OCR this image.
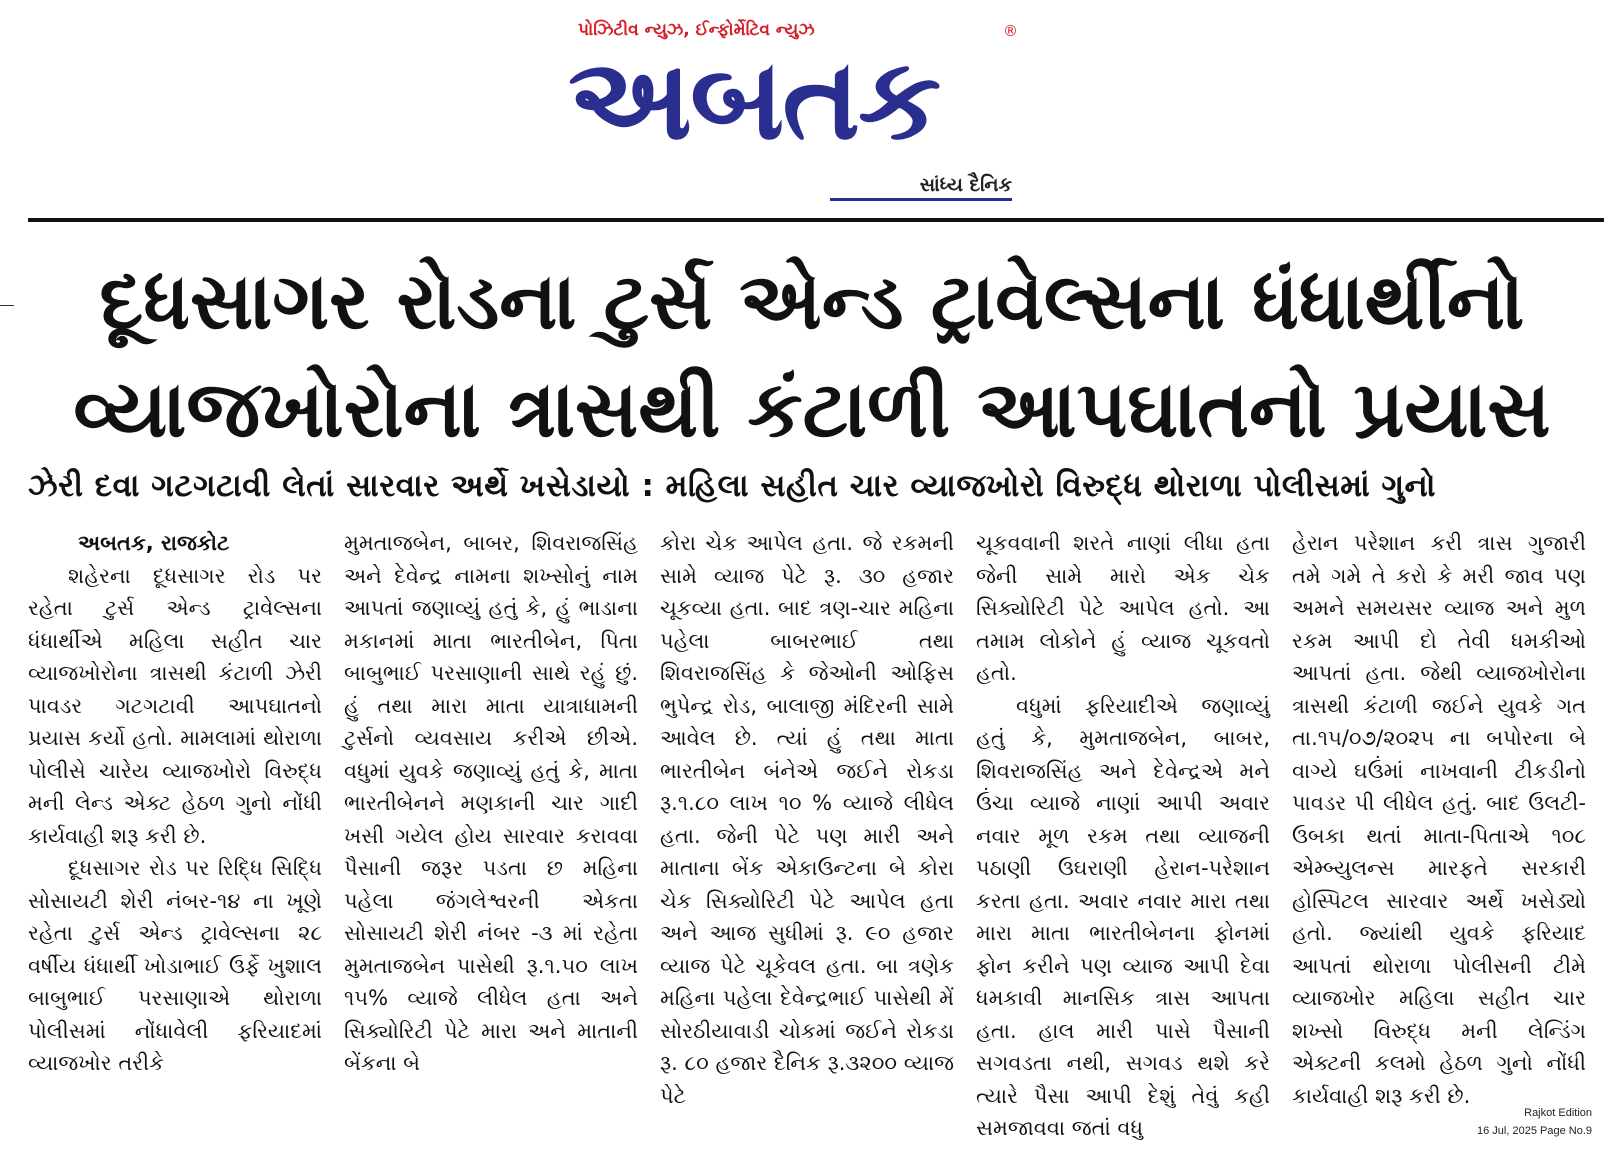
પોઝિટીવ ન્યુઝ, ઈન્ફોર્મેટિવ ન્યુઝ	®
અબતક
સાંધ્ય દૈનિક
દૂધસાગર રોડના ટુર્સ એન્ડ ટ્રાવેલ્સના ધંધાર્થીનો
વ્યાજખોરોના ત્રાસથી કંટાળી આપઘાતનો પ્રયાસ
ઝેરી દવા ગટગટાવી લેતાં સારવાર અર્થે ખસેડાયો : મહિલા સહીત ચાર વ્યાજખોરો વિરુદ્ધ થોરાળા પોલીસમાં ગુનો
અબતક, રાજકોટ

શહેરના દૂધસાગર રોડ પર રહેતા ટુર્સ એન્ડ ટ્રાવેલ્સના ધંધાર્થીએ મહિલા સહીત ચાર વ્યાજખોરોના ત્રાસથી કંટાળી ઝેરી પાવડર ગટગટાવી આપઘાતનો પ્રયાસ કર્યો હતો. મામલામાં થોરાળા પોલીસે ચારેય વ્યાજખોરો વિરુદ્ધ મની લેન્ડ એક્ટ હેઠળ ગુનો નોંધી કાર્યવાહી શરૂ કરી છે.

દૂધસાગર રોડ પર રિદ્ધિ સિદ્ધિ સોસાયટી શેરી નંબર-૧૪ ના ખૂણે રહેતા ટુર્સ એન્ડ ટ્રાવેલ્સના ૨૮ વર્ષીય ધંધાર્થી ખોડાભાઈ ઉર્ફે ખુશાલ બાબુભાઈ પરસાણાએ થોરાળા પોલીસમાં નોંધાવેલી ફરિયાદમાં વ્યાજખોર તરીકે

મુમતાજબેન, બાબર, શિવરાજસિંહ અને દેવેન્દ્ર નામના શખ્સોનું નામ આપતાં જણાવ્યું હતું કે, હું ભાડાના મકાનમાં માતા ભારતીબેન, પિતા બાબુભાઈ પરસાણાની સાથે રહું છું. હું તથા મારા માતા યાત્રાધામની ટુર્સનો વ્યવસાય કરીએ છીએ. વધુમાં યુવકે જણાવ્યું હતું કે, માતા ભારતીબેનને મણકાની ચાર ગાદી ખસી ગયેલ હોય સારવાર કરાવવા પૈસાની જરૂર પડતા છ મહિના પહેલા જંગલેશ્વરની એકતા સોસાયટી શેરી નંબર -૩ માં રહેતા મુમતાજબેન પાસેથી રૂ.૧.૫૦ લાખ ૧૫% વ્યાજે લીધેલ હતા અને સિક્યોરિટી પેટે મારા અને માતાની બેંકના બે

કોરા ચેક આપેલ હતા. જે રકમની સામે વ્યાજ પેટે રૂ. ૩૦ હજાર ચૂકવ્યા હતા. બાદ ત્રણ-ચાર મહિના પહેલા બાબરભાઈ તથા શિવરાજસિંહ કે જેઓની ઓફિસ ભુપેન્દ્ર રોડ, બાલાજી મંદિરની સામે આવેલ છે. ત્યાં હું તથા માતા ભારતીબેન બંનેએ જઈને રોકડા રૂ.૧.૮૦ લાખ ૧૦ % વ્યાજે લીધેલ હતા. જેની પેટે પણ મારી અને માતાના બેંક એકાઉન્ટના બે કોરા ચેક સિક્યોરિટી પેટે આપેલ હતા અને આજ સુધીમાં રૂ. ૯૦ હજાર વ્યાજ પેટે ચૂકેવલ હતા. બા ત્રણેક મહિના પહેલા દેવેન્દ્રભાઈ પાસેથી મેં સોરઠીયાવાડી ચોકમાં જઈને રોકડા રૂ. ૮૦ હજાર દૈનિક રૂ.૩૨૦૦ વ્યાજ પેટે

ચૂકવવાની શરતે નાણાં લીધા હતા જેની સામે મારો એક ચેક સિક્યોરિટી પેટે આપેલ હતો. આ તમામ લોકોને હું વ્યાજ ચૂકવતો હતો.

વધુમાં ફરિયાદીએ જણાવ્યું હતું કે, મુમતાજબેન, બાબર, શિવરાજસિંહ અને દેવેન્દ્રએ મને ઉંચા વ્યાજે નાણાં આપી અવાર નવાર મૂળ રકમ તથા વ્યાજની પઠાણી ઉઘરાણી હેરાન-પરેશાન કરતા હતા. અવાર નવાર મારા તથા મારા માતા ભારતીબેનના ફોનમાં ફોન કરીને પણ વ્યાજ આપી દેવા ધમકાવી માનસિક ત્રાસ આપતા હતા. હાલ મારી પાસે પૈસાની સગવડતા નથી, સગવડ થશે કરે ત્યારે પૈસા આપી દેશું તેવું કહી સમજાવવા જતાં વધુ

હેરાન પરેશાન કરી ત્રાસ ગુજારી તમે ગમે તે કરો કે મરી જાવ પણ અમને સમયસર વ્યાજ અને મુળ રકમ આપી દો તેવી ધમકીઓ આપતાં હતા. જેથી વ્યાજખોરોના ત્રાસથી કંટાળી જઈને યુવકે ગત તા.૧૫/૦૭/૨૦૨૫ ના બપોરના બે વાગ્યે ઘઉંમાં નાખવાની ટીકડીનો પાવડર પી લીધેલ હતું. બાદ ઉલટી-ઉબકા થતાં માતા-પિતાએ ૧૦૮ એમ્બ્યુલન્સ મારફતે સરકારી હોસ્પિટલ સારવાર અર્થે ખસેડ્યો હતો. જ્યાંથી યુવકે ફરિયાદ આપતાં થોરાળા પોલીસની ટીમે વ્યાજખોર મહિલા સહીત ચાર શખ્સો વિરુદ્ધ મની લેન્ડિંગ એક્ટની કલમો હેઠળ ગુનો નોંધી કાર્યવાહી શરૂ કરી છે.

Rajkot Edition
16 Jul, 2025 Page No.9
